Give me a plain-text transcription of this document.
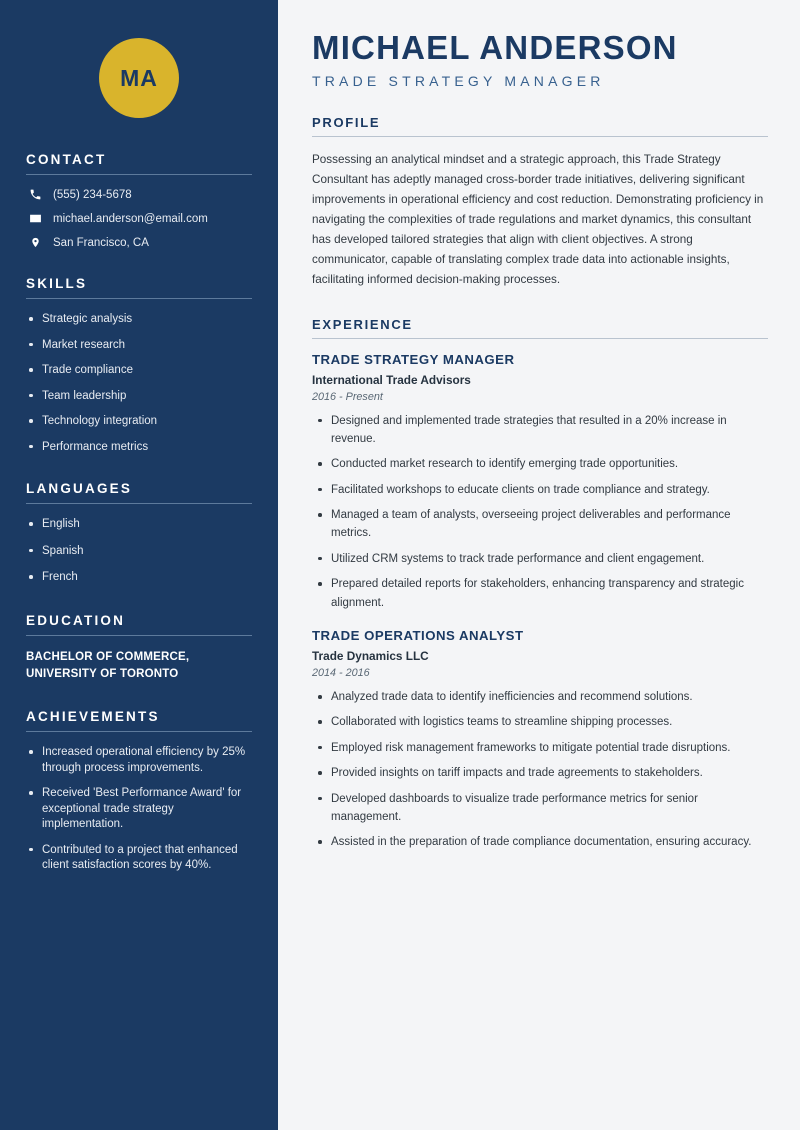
MA
CONTACT
(555) 234-5678
michael.anderson@email.com
San Francisco, CA
SKILLS
Strategic analysis
Market research
Trade compliance
Team leadership
Technology integration
Performance metrics
LANGUAGES
English
Spanish
French
EDUCATION
BACHELOR OF COMMERCE, UNIVERSITY OF TORONTO
ACHIEVEMENTS
Increased operational efficiency by 25% through process improvements.
Received 'Best Performance Award' for exceptional trade strategy implementation.
Contributed to a project that enhanced client satisfaction scores by 40%.
MICHAEL ANDERSON
TRADE STRATEGY MANAGER
PROFILE

Possessing an analytical mindset and a strategic approach, this Trade Strategy Consultant has adeptly managed cross-border trade initiatives, delivering significant improvements in operational efficiency and cost reduction. Demonstrating proficiency in navigating the complexities of trade regulations and market dynamics, this consultant has developed tailored strategies that align with client objectives. A strong communicator, capable of translating complex trade data into actionable insights, facilitating informed decision-making processes.

EXPERIENCE
TRADE STRATEGY MANAGER
International Trade Advisors
2016 - Present
Designed and implemented trade strategies that resulted in a 20% increase in revenue.
Conducted market research to identify emerging trade opportunities.
Facilitated workshops to educate clients on trade compliance and strategy.
Managed a team of analysts, overseeing project deliverables and performance metrics.
Utilized CRM systems to track trade performance and client engagement.
Prepared detailed reports for stakeholders, enhancing transparency and strategic alignment.
TRADE OPERATIONS ANALYST
Trade Dynamics LLC
2014 - 2016
Analyzed trade data to identify inefficiencies and recommend solutions.
Collaborated with logistics teams to streamline shipping processes.
Employed risk management frameworks to mitigate potential trade disruptions.
Provided insights on tariff impacts and trade agreements to stakeholders.
Developed dashboards to visualize trade performance metrics for senior management.
Assisted in the preparation of trade compliance documentation, ensuring accuracy.
